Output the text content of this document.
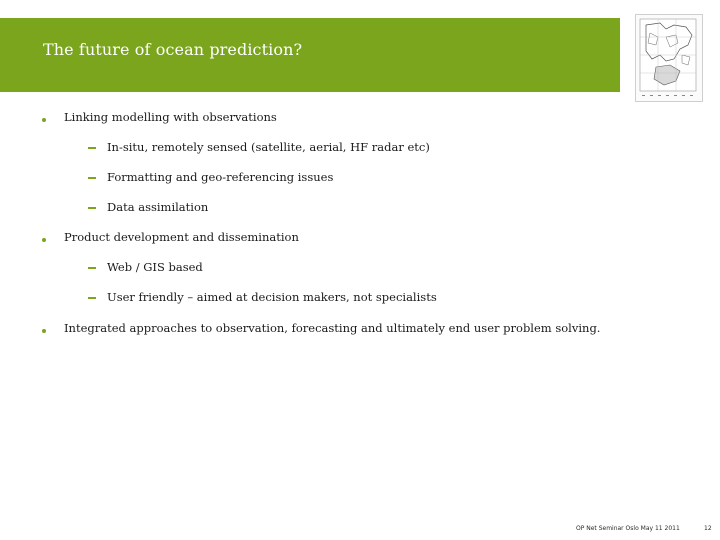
The future of ocean prediction?
Linking modelling with observations
In-situ, remotely sensed (satellite, aerial, HF radar etc)
Formatting and geo-referencing issues
Data assimilation
Product development and dissemination
Web / GIS based
User friendly – aimed at decision makers, not specialists
Integrated approaches to observation, forecasting and ultimately end user problem solving.
OP Net Seminar Oslo May 11 2011	12
